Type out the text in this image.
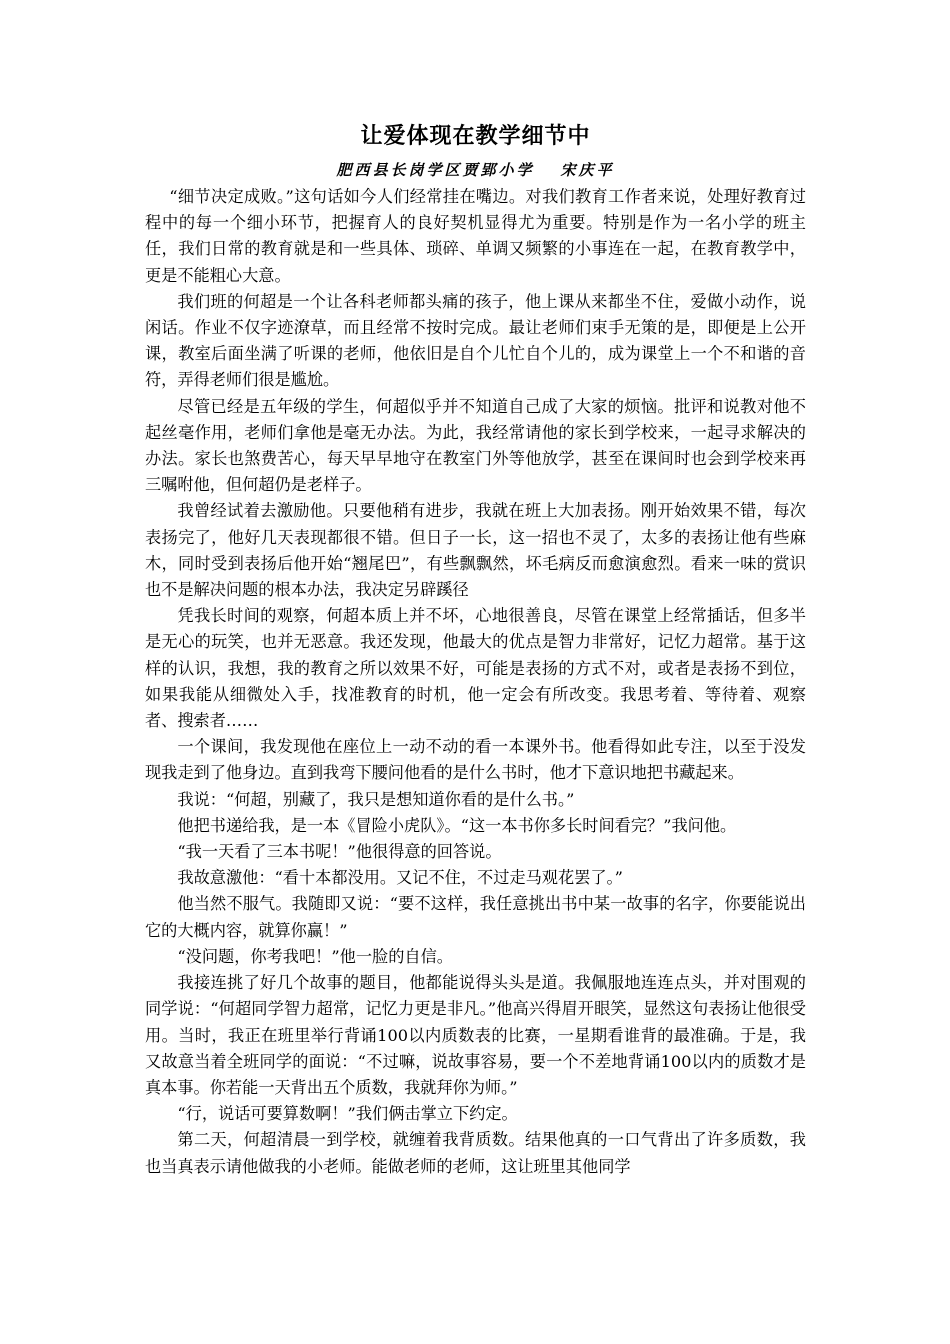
让爱体现在教学细节中
肥西县长岗学区贾郢小学 宋庆平

“细节决定成败。”这句话如今人们经常挂在嘴边。对我们教育工作者来说，处理好教育过程中的每一个细小环节，把握育人的良好契机显得尤为重要。特别是作为一名小学的班主任，我们日常的教育就是和一些具体、琐碎、单调又频繁的小事连在一起，在教育教学中，更是不能粗心大意。

我们班的何超是一个让各科老师都头痛的孩子，他上课从来都坐不住，爱做小动作，说闲话。作业不仅字迹潦草，而且经常不按时完成。最让老师们束手无策的是，即便是上公开课，教室后面坐满了听课的老师，他依旧是自个儿忙自个儿的，成为课堂上一个不和谐的音符，弄得老师们很是尴尬。

尽管已经是五年级的学生，何超似乎并不知道自己成了大家的烦恼。批评和说教对他不起丝毫作用，老师们拿他是毫无办法。为此，我经常请他的家长到学校来，一起寻求解决的办法。家长也煞费苦心，每天早早地守在教室门外等他放学，甚至在课间时也会到学校来再三嘱咐他，但何超仍是老样子。

我曾经试着去激励他。只要他稍有进步，我就在班上大加表扬。刚开始效果不错，每次表扬完了，他好几天表现都很不错。但日子一长，这一招也不灵了，太多的表扬让他有些麻木，同时受到表扬后他开始“翘尾巴”，有些飘飘然，坏毛病反而愈演愈烈。看来一味的赏识也不是解决问题的根本办法，我决定另辟蹊径

凭我长时间的观察，何超本质上并不坏，心地很善良，尽管在课堂上经常插话，但多半是无心的玩笑，也并无恶意。我还发现，他最大的优点是智力非常好，记忆力超常。基于这样的认识，我想，我的教育之所以效果不好，可能是表扬的方式不对，或者是表扬不到位，如果我能从细微处入手，找准教育的时机，他一定会有所改变。我思考着、等待着、观察者、搜索者……

一个课间，我发现他在座位上一动不动的看一本课外书。他看得如此专注，以至于没发现我走到了他身边。直到我弯下腰问他看的是什么书时，他才下意识地把书藏起来。

我说：“何超，别藏了，我只是想知道你看的是什么书。”

他把书递给我，是一本《冒险小虎队》。“这一本书你多长时间看完？”我问他。

“我一天看了三本书呢！”他很得意的回答说。

我故意激他：“看十本都没用。又记不住，不过走马观花罢了。”

他当然不服气。我随即又说：“要不这样，我任意挑出书中某一故事的名字，你要能说出它的大概内容，就算你赢！”

“没问题，你考我吧！”他一脸的自信。

我接连挑了好几个故事的题目，他都能说得头头是道。我佩服地连连点头，并对围观的同学说：“何超同学智力超常，记忆力更是非凡。”他高兴得眉开眼笑，显然这句表扬让他很受用。当时，我正在班里举行背诵100以内质数表的比赛，一星期看谁背的最准确。于是，我又故意当着全班同学的面说：“不过嘛，说故事容易，要一个不差地背诵100以内的质数才是真本事。你若能一天背出五个质数，我就拜你为师。”

“行，说话可要算数啊！”我们俩击掌立下约定。

第二天，何超清晨一到学校，就缠着我背质数。结果他真的一口气背出了许多质数，我也当真表示请他做我的小老师。能做老师的老师，这让班里其他同学
